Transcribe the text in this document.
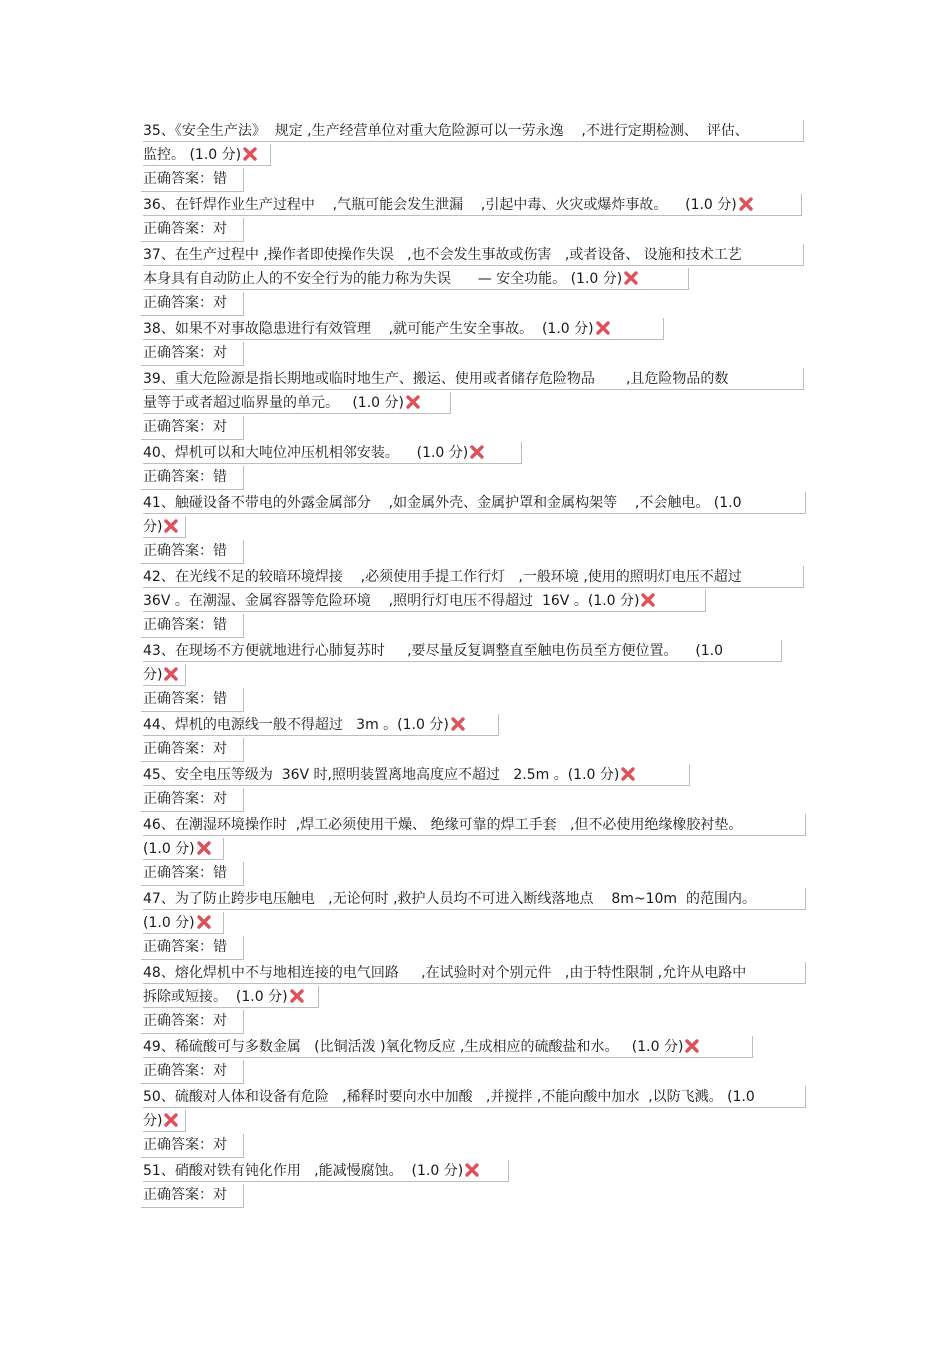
35、《安全生产法》  规定 ,生产经营单位对重大危险源可以一劳永逸    ,不进行定期检测、  评估、
监控。 (1.0 分)
正确答案：错
36、在钎焊作业生产过程中    ,气瓶可能会发生泄漏    ,引起中毒、火灾或爆炸事故。    (1.0 分)
正确答案：对
37、在生产过程中 ,操作者即使操作失误   ,也不会发生事故或伤害   ,或者设备、 设施和技术工艺
本身具有自动防止人的不安全行为的能力称为失误      — 安全功能。 (1.0 分)
正确答案：对
38、如果不对事故隐患进行有效管理    ,就可能产生安全事故。  (1.0 分)
正确答案：对
39、重大危险源是指长期地或临时地生产、搬运、使用或者储存危险物品       ,且危险物品的数
量等于或者超过临界量的单元。   (1.0 分)
正确答案：对
40、焊机可以和大吨位冲压机相邻安装。    (1.0 分)
正确答案：错
41、触碰设备不带电的外露金属部分    ,如金属外壳、金属护罩和金属构架等    ,不会触电。 (1.0
分)
正确答案：错
42、在光线不足的较暗环境焊接    ,必须使用手提工作行灯   ,一般环境 ,使用的照明灯电压不超过
36V 。在潮湿、金属容器等危险环境    ,照明行灯电压不得超过  16V 。(1.0 分)
正确答案：错
43、在现场不方便就地进行心肺复苏时     ,要尽量反复调整直至触电伤员至方便位置。    (1.0
分)
正确答案：错
44、焊机的电源线一般不得超过   3m 。(1.0 分)
正确答案：对
45、安全电压等级为  36V 时,照明装置离地高度应不超过   2.5m 。(1.0 分)
正确答案：对
46、在潮湿环境操作时  ,焊工必须使用干燥、 绝缘可靠的焊工手套   ,但不必使用绝缘橡胶衬垫。
(1.0 分)
正确答案：错
47、为了防止跨步电压触电   ,无论何时 ,救护人员均不可进入断线落地点    8m~10m  的范围内。
(1.0 分)
正确答案：错
48、熔化焊机中不与地相连接的电气回路     ,在试验时对个别元件   ,由于特性限制 ,允许从电路中
拆除或短接。  (1.0 分)
正确答案：对
49、稀硫酸可与多数金属   (比铜活泼 )氧化物反应 ,生成相应的硫酸盐和水。   (1.0 分)
正确答案：对
50、硫酸对人体和设备有危险   ,稀释时要向水中加酸   ,并搅拌 ,不能向酸中加水  ,以防飞溅。 (1.0
分)
正确答案：对
51、硝酸对铁有钝化作用   ,能减慢腐蚀。  (1.0 分)
正确答案：对
